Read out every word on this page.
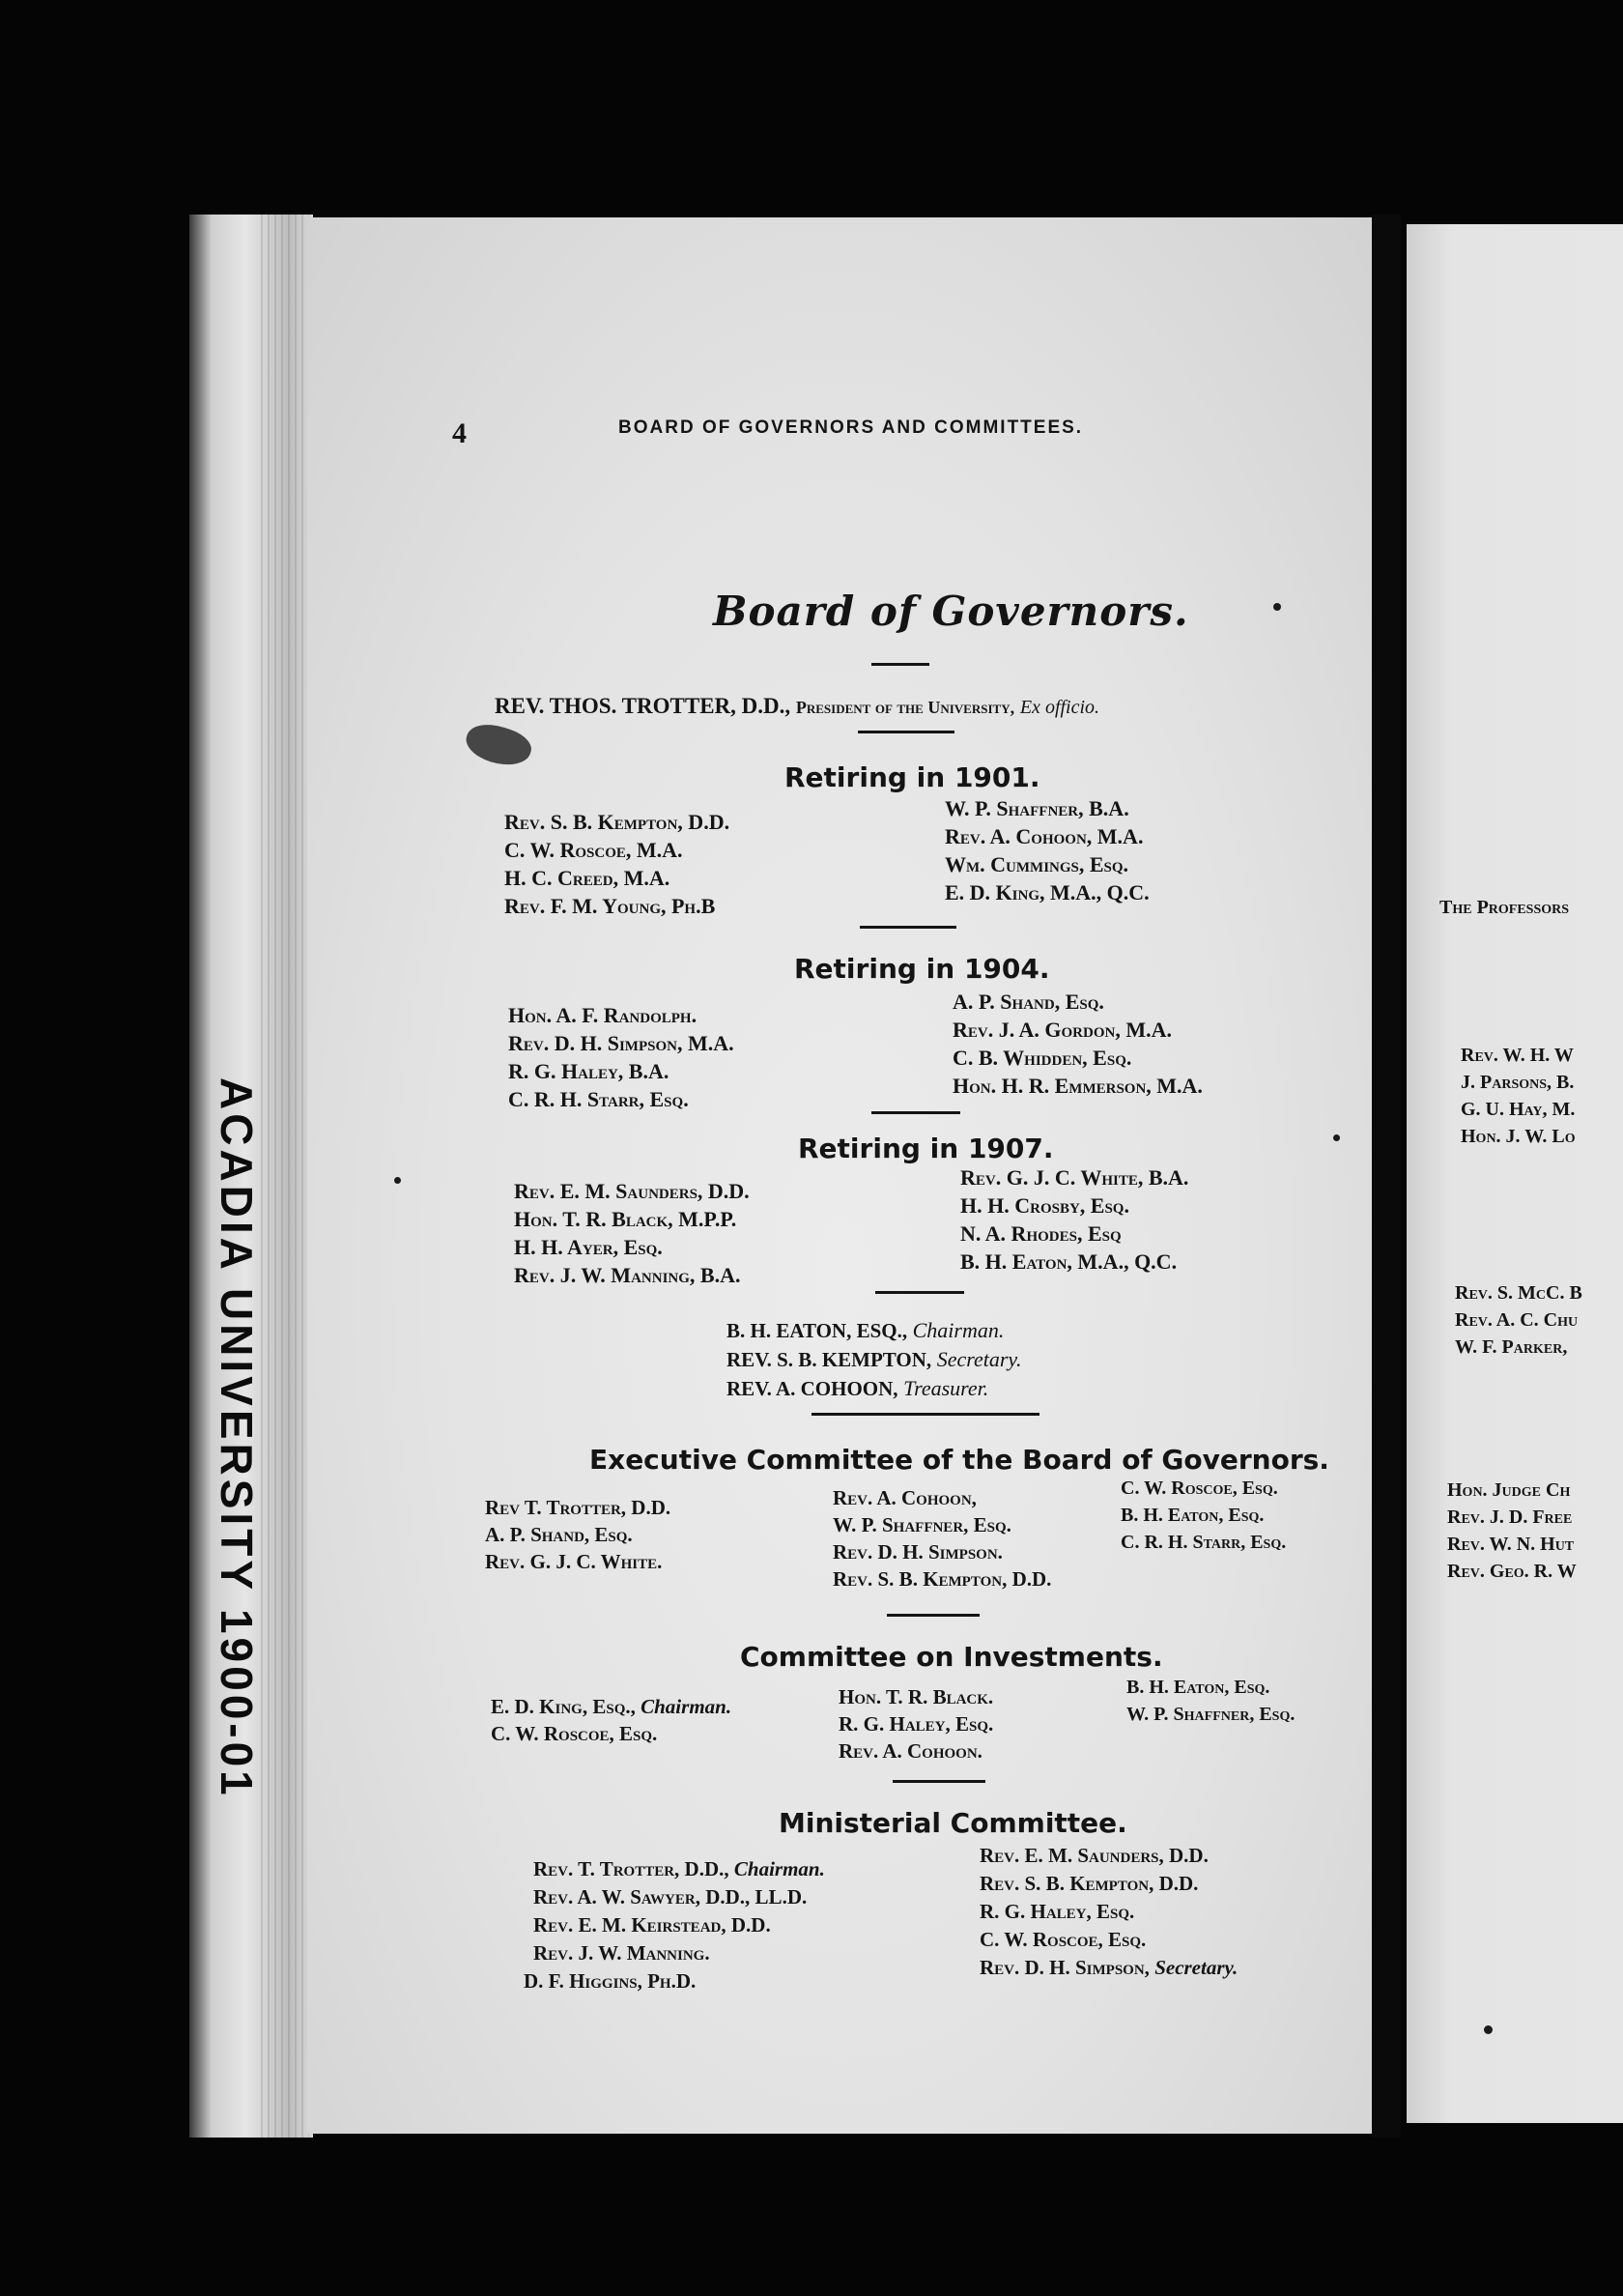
4	BOARD OF GOVERNORS AND COMMITTEES.
Board of Governors.
REV. THOS. TROTTER, D.D., President of the University, Ex officio.
Retiring in 1901.
Rev. S. B. Kempton, D.D.
C. W. Roscoe, M.A.
H. C. Creed, M.A.
Rev. F. M. Young, Ph.B
W. P. Shaffner, B.A.
Rev. A. Cohoon, M.A.
Wm. Cummings, Esq.
E. D. King, M.A., Q.C.
Retiring in 1904.
Hon. A. F. Randolph.
Rev. D. H. Simpson, M.A.
R. G. Haley, B.A.
C. R. H. Starr, Esq.
A. P. Shand, Esq.
Rev. J. A. Gordon, M.A.
C. B. Whidden, Esq.
Hon. H. R. Emmerson, M.A.
Retiring in 1907.
Rev. E. M. Saunders, D.D.
Hon. T. R. Black, M.P.P.
H. H. Ayer, Esq.
Rev. J. W. Manning, B.A.
Rev. G. J. C. White, B.A.
H. H. Crosby, Esq.
N. A. Rhodes, Esq
B. H. Eaton, M.A., Q.C.
B. H. EATON, ESQ., Chairman.
REV. S. B. KEMPTON, Secretary.
REV. A. COHOON, Treasurer.
Executive Committee of the Board of Governors.
Rev T. Trotter, D.D.
A. P. Shand, Esq.
Rev. G. J. C. White.
Rev. A. Cohoon,
W. P. Shaffner, Esq.
Rev. D. H. Simpson.
Rev. S. B. Kempton, D.D.
C. W. Roscoe, Esq.
B. H. Eaton, Esq.
C. R. H. Starr, Esq.
Committee on Investments.
E. D. King, Esq., Chairman.
C. W. Roscoe, Esq.
Hon. T. R. Black.
R. G. Haley, Esq.
Rev. A. Cohoon.
B. H. Eaton, Esq.
W. P. Shaffner, Esq.
Ministerial Committee.
Rev. T. Trotter, D.D., Chairman.
Rev. A. W. Sawyer, D.D., LL.D.
Rev. E. M. Keirstead, D.D.
Rev. J. W. Manning.
D. F. Higgins, Ph.D.
Rev. E. M. Saunders, D.D.
Rev. S. B. Kempton, D.D.
R. G. Haley, Esq.
C. W. Roscoe, Esq.
Rev. D. H. Simpson, Secretary.
The Professors
Rev. W. H. W
J. Parsons, B.
G. U. Hay, M.
Hon. J. W. Lo
Rev. S. McC. B
Rev. A. C. Chu
W. F. Parker,
Hon. Judge Ch
Rev. J. D. Free
Rev. W. N. Hut
Rev. Geo. R. W
